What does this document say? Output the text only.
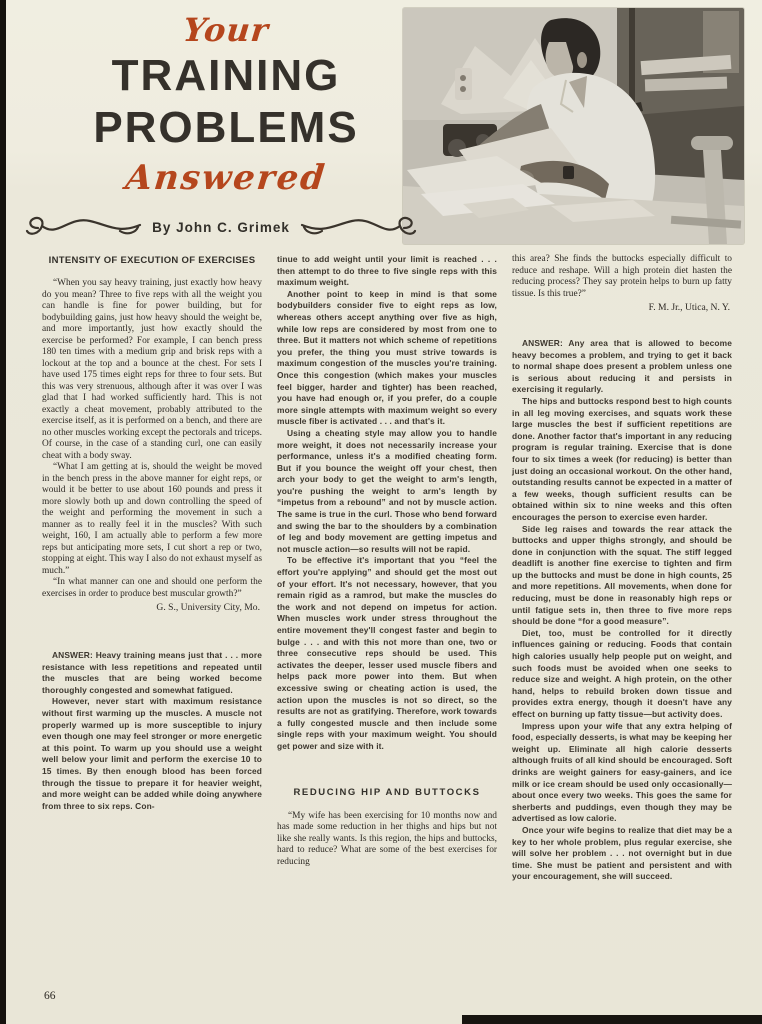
Your
TRAINING
PROBLEMS
Answered
By John C. Grimek
INTENSITY OF EXECUTION OF EXERCISES

“When you say heavy training, just exactly how heavy do you mean? Three to five reps with all the weight you can handle is fine for power building, but for bodybuilding gains, just how heavy should the weight be, and more importantly, just how exactly should the exercise be performed? For example, I can bench press 180 ten times with a medium grip and brisk reps with a lockout at the top and a bounce at the chest. For sets I have used 175 times eight reps for three to four sets. But this was very strenuous, although after it was over I was glad that I had worked sufficiently hard. This is not exactly a cheat movement, probably attributed to the exercise itself, as it is performed on a bench, and there are no other muscles working except the pectorals and triceps. Of course, in the case of a standing curl, one can easily cheat with a body sway.

“What I am getting at is, should the weight be moved in the bench press in the above manner for eight reps, or would it be better to use about 160 pounds and press it more slowly both up and down controlling the speed of the weight and performing the movement in such a manner as to really feel it in the muscles? With such weight, 160, I am actually able to perform a few more reps but anticipating more sets, I cut short a rep or two, stopping at eight. This way I also do not exhaust myself as much.”

“In what manner can one and should one perform the exercises in order to produce best muscular growth?”

G. S., University City, Mo.

ANSWER: Heavy training means just that . . . more resistance with less repetitions and repeated until the muscles that are being worked become thoroughly congested and somewhat fatigued.

However, never start with maximum resistance without first warming up the muscles. A muscle not properly warmed up is more susceptible to injury even though one may feel stronger or more energetic at this point. To warm up you should use a weight well below your limit and perform the exercise 10 to 15 times. By then enough blood has been forced through the tissue to prepare it for heavier weight, and more weight can be added while doing anywhere from three to six reps. Con-

tinue to add weight until your limit is reached . . . then attempt to do three to five single reps with this maximum weight.

Another point to keep in mind is that some bodybuilders consider five to eight reps as low, whereas others accept anything over five as high, while low reps are considered by most from one to three. But it matters not which scheme of repetitions you prefer, the thing you must strive towards is maximum congestion of the muscles you're training. Once this congestion (which makes your muscles feel bigger, harder and tighter) has been reached, you have had enough or, if you prefer, do a couple more single attempts with maximum weight so every muscle fiber is activated . . . and that's it.

Using a cheating style may allow you to handle more weight, it does not necessarily increase your performance, unless it's a modified cheating form. But if you bounce the weight off your chest, then arch your body to get the weight to arm's length, you're pushing the weight to arm's length by “impetus from a rebound” and not by muscle action. The same is true in the curl. Those who bend forward and swing the bar to the shoulders by a combination of leg and body movement are getting impetus and not muscle action—so results will not be rapid.

To be effective it's important that you “feel the effort you're applying” and should get the most out of your effort. It's not necessary, however, that you remain rigid as a ramrod, but make the muscles do the work and not depend on impetus for action. When muscles work under stress throughout the entire movement they'll congest faster and begin to bulge . . . and with this not more than one, two or three consecutive reps should be used. This activates the deeper, lesser used muscle fibers and helps pack more power into them. But when excessive swing or cheating action is used, the action upon the muscles is not so direct, so the results are not as gratifying. Therefore, work towards a fully congested muscle and then include some single reps with your maximum weight. You should get power and size with it.

REDUCING HIP AND BUTTOCKS

“My wife has been exercising for 10 months now and has made some reduction in her thighs and hips but not like she really wants. Is this region, the hips and buttocks, hard to reduce? What are some of the best exercises for reducing

this area? She finds the buttocks especially difficult to reduce and reshape. Will a high protein diet hasten the reducing process? They say protein helps to burn up fatty tissue. Is this true?”

F. M. Jr., Utica, N. Y.

ANSWER: Any area that is allowed to become heavy becomes a problem, and trying to get it back to normal shape does present a problem unless one is serious about reducing it and persists in exercising it regularly.

The hips and buttocks respond best to high counts in all leg moving exercises, and squats work these large muscles the best if sufficient repetitions are done. Another factor that's important in any reducing program is regular training. Exercise that is done four to six times a week (for reducing) is better than just doing an occasional workout. On the other hand, outstanding results cannot be expected in a matter of a few weeks, though sufficient results can be obtained within six to nine weeks and this often encourages the person to exercise even harder.

Side leg raises and towards the rear attack the buttocks and upper thighs strongly, and should be done in conjunction with the squat. The stiff legged deadlift is another fine exercise to tighten and firm up the buttocks and must be done in high counts, 25 and more repetitions. All movements, when done for reducing, must be done in reasonably high reps or until fatigue sets in, then three to five more reps should be done “for a good measure”.

Diet, too, must be controlled for it directly influences gaining or reducing. Foods that contain high calories usually help people put on weight, and such foods must be avoided when one seeks to reduce size and weight. A high protein, on the other hand, helps to rebuild broken down tissue and provides extra energy, though it doesn't have any effect on burning up fatty tissue—but activity does.

Impress upon your wife that any extra helping of food, especially desserts, is what may be keeping her weight up. Eliminate all high calorie desserts although fruits of all kind should be encouraged. Soft drinks are weight gainers for easy-gainers, and ice milk or ice cream should be used only occasionally—about once every two weeks. This goes the same for sherberts and puddings, even though they may be advertised as low calorie.

Once your wife begins to realize that diet may be a key to her whole problem, plus regular exercise, she will solve her problem . . . not overnight but in due time. She must be patient and persistent and with your encouragement, she will succeed.

66
